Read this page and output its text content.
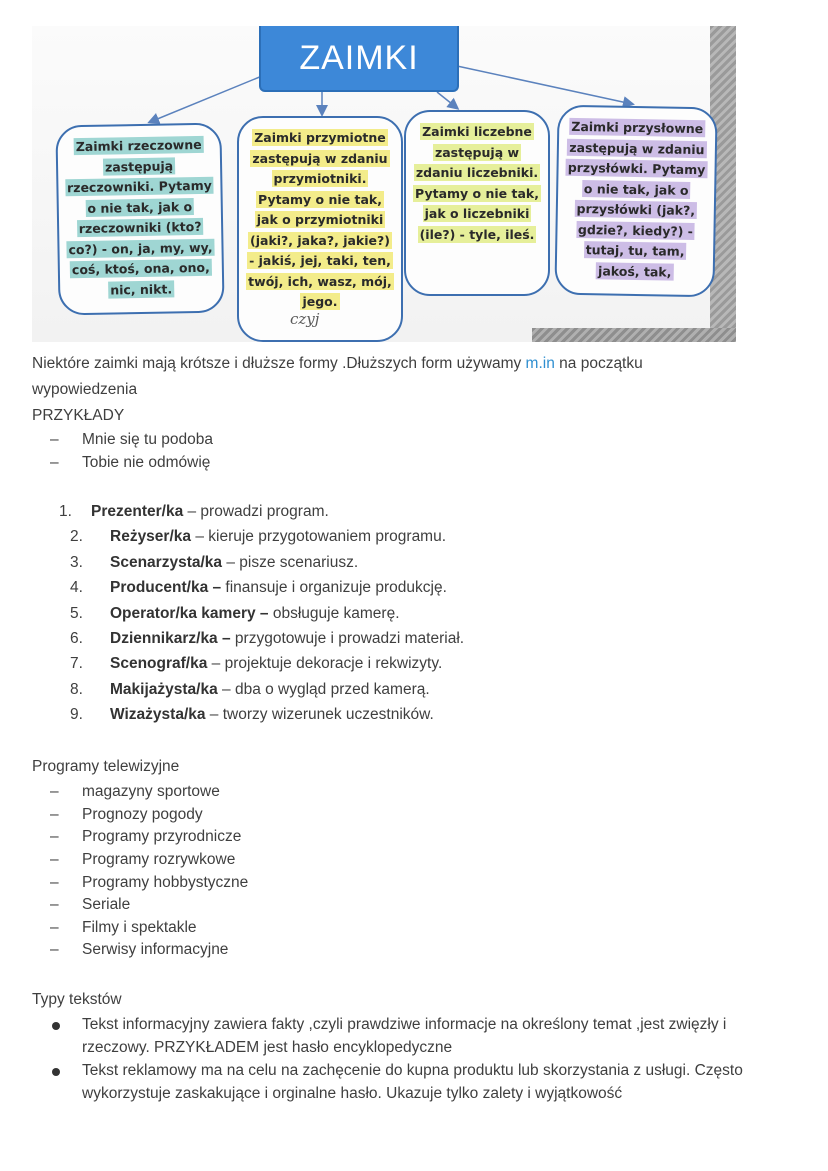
ZAIMKI
Zaimki rzeczowne zastępują rzeczowniki. Pytamy o nie tak, jak o rzeczowniki (kto? co?) - on, ja, my, wy, coś, ktoś, ona, ono, nic, nikt.
Zaimki przymiotne zastępują w zdaniu przymiotniki. Pytamy o nie tak, jak o przymiotniki (jaki?, jaka?, jakie?) - jakiś, jej, taki, ten, twój, ich, wasz, mój, jego.
Zaimki liczebne zastępują w zdaniu liczebniki. Pytamy o nie tak, jak o liczebniki (ile?) - tyle, ileś.
Zaimki przysłowne zastępują w zdaniu przysłówki. Pytamy o nie tak, jak o przysłówki (jak?, gdzie?, kiedy?) - tutaj, tu, tam, jakoś, tak,
czyj
Niektóre zaimki mają krótsze i dłuższe formy .Dłuższych form używamy m.in na początku
wypowiedzenia
PRZYKŁADY
– Mnie się tu podoba
– Tobie nie odmówię
1. Prezenter/ka – prowadzi program.
2. Reżyser/ka – kieruje przygotowaniem programu.
3. Scenarzysta/ka – pisze scenariusz.
4. Producent/ka – finansuje i organizuje produkcję.
5. Operator/ka kamery – obsługuje kamerę.
6. Dziennikarz/ka – przygotowuje i prowadzi materiał.
7. Scenograf/ka – projektuje dekoracje i rekwizyty.
8. Makijażysta/ka – dba o wygląd przed kamerą.
9. Wizażysta/ka – tworzy wizerunek uczestników.
Programy telewizyjne
– magazyny sportowe
– Prognozy pogody
– Programy przyrodnicze
– Programy rozrywkowe
– Programy hobbystyczne
– Seriale
– Filmy i spektakle
– Serwisy informacyjne
Typy tekstów
Tekst informacyjny zawiera fakty ,czyli prawdziwe informacje na określony temat ,jest zwięzły i rzeczowy. PRZYKŁADEM jest hasło encyklopedyczne
Tekst reklamowy ma na celu na zachęcenie do kupna produktu lub skorzystania z usługi. Często wykorzystuje zaskakujące i orginalne hasło. Ukazuje tylko zalety i wyjątkowość
